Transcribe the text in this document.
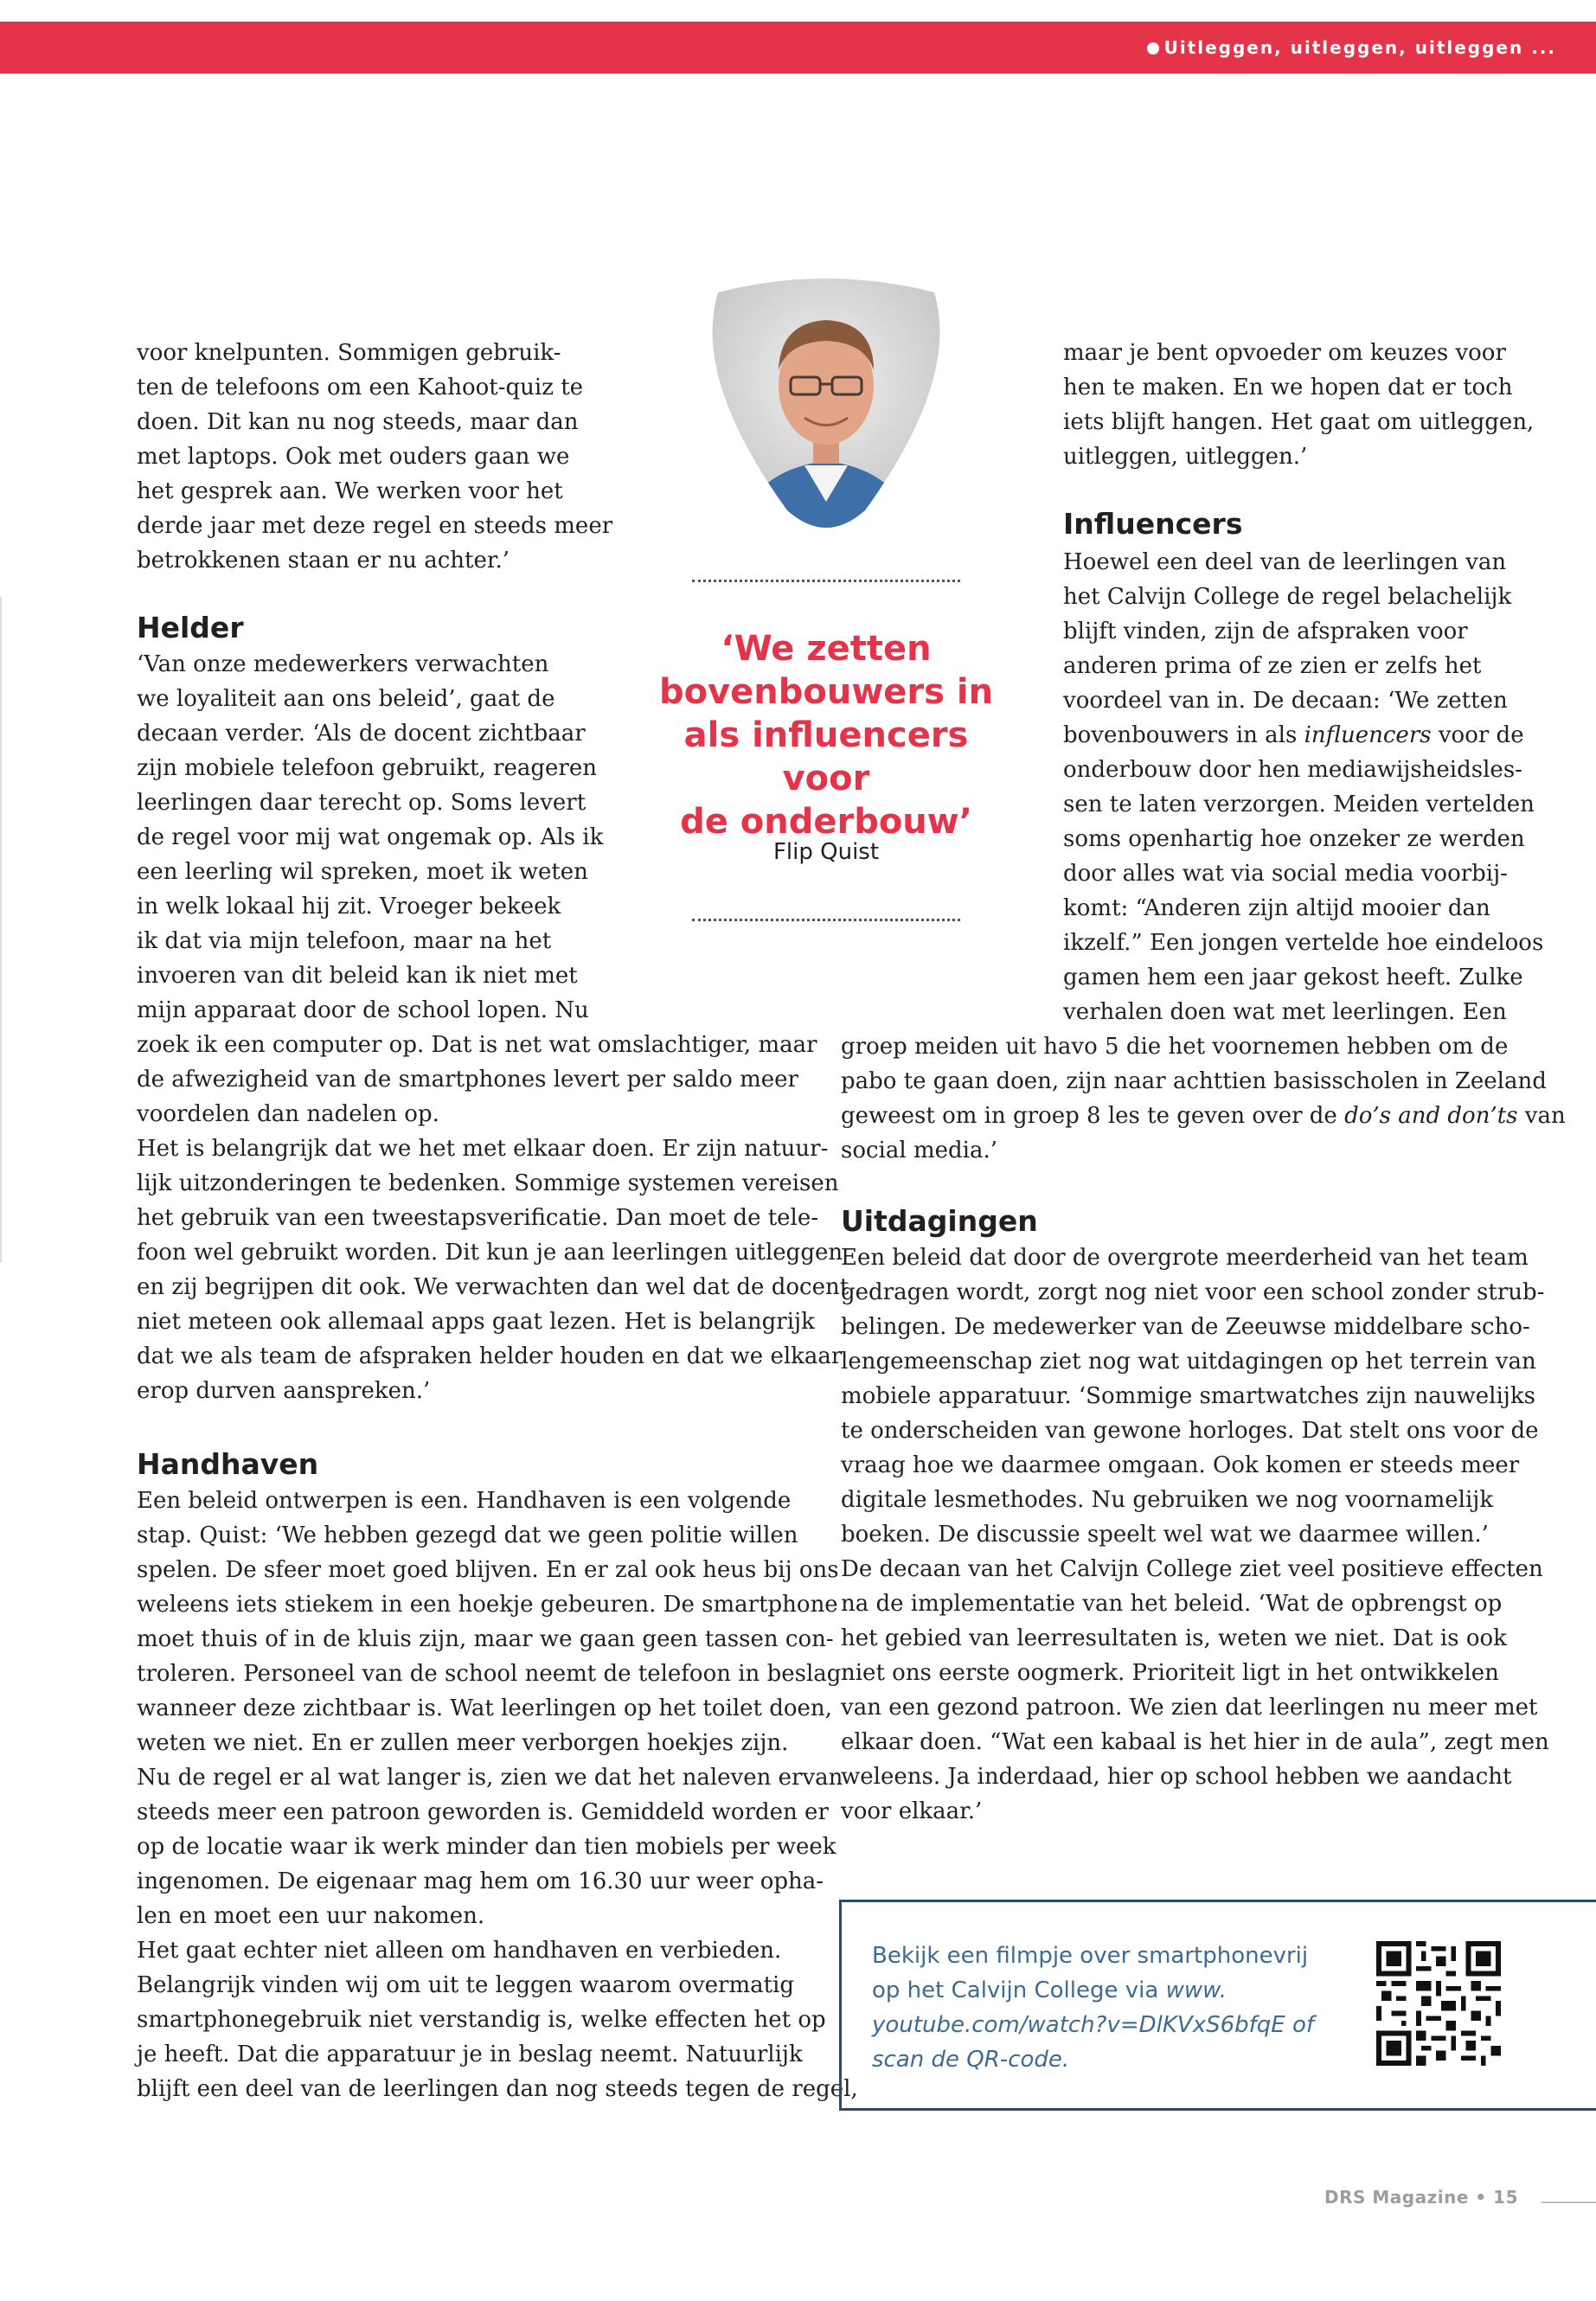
Uitleggen, uitleggen, uitleggen ...

voor knelpunten. Sommigen gebruik-
ten de telefoons om een Kahoot-quiz te
doen. Dit kan nu nog steeds, maar dan
met laptops. Ook met ouders gaan we
het gesprek aan. We werken voor het
derde jaar met deze regel en steeds meer
betrokkenen staan er nu achter.’

Helder

‘Van onze medewerkers verwachten
we loyaliteit aan ons beleid’, gaat de
decaan verder. ‘Als de docent zichtbaar
zijn mobiele telefoon gebruikt, reageren
leerlingen daar terecht op. Soms levert
de regel voor mij wat ongemak op. Als ik
een leerling wil spreken, moet ik weten
in welk lokaal hij zit. Vroeger bekeek
ik dat via mijn telefoon, maar na het
invoeren van dit beleid kan ik niet met
mijn apparaat door de school lopen. Nu
zoek ik een computer op. Dat is net wat omslachtiger, maar
de afwezigheid van de smartphones levert per saldo meer
voordelen dan nadelen op.
Het is belangrijk dat we het met elkaar doen. Er zijn natuur-
lijk uitzonderingen te bedenken. Sommige systemen vereisen
het gebruik van een tweestapsverificatie. Dan moet de tele-
foon wel gebruikt worden. Dit kun je aan leerlingen uitleggen
en zij begrijpen dit ook. We verwachten dan wel dat de docent
niet meteen ook allemaal apps gaat lezen. Het is belangrijk
dat we als team de afspraken helder houden en dat we elkaar
erop durven aanspreken.’

Handhaven

Een beleid ontwerpen is een. Handhaven is een volgende
stap. Quist: ‘We hebben gezegd dat we geen politie willen
spelen. De sfeer moet goed blijven. En er zal ook heus bij ons
weleens iets stiekem in een hoekje gebeuren. De smartphone
moet thuis of in de kluis zijn, maar we gaan geen tassen con-
troleren. Personeel van de school neemt de telefoon in beslag
wanneer deze zichtbaar is. Wat leerlingen op het toilet doen,
weten we niet. En er zullen meer verborgen hoekjes zijn.
Nu de regel er al wat langer is, zien we dat het naleven ervan
steeds meer een patroon geworden is. Gemiddeld worden er
op de locatie waar ik werk minder dan tien mobiels per week
ingenomen. De eigenaar mag hem om 16.30 uur weer opha-
len en moet een uur nakomen.
Het gaat echter niet alleen om handhaven en verbieden.
Belangrijk vinden wij om uit te leggen waarom overmatig
smartphonegebruik niet verstandig is, welke effecten het op
je heeft. Dat die apparatuur je in beslag neemt. Natuurlijk
blijft een deel van de leerlingen dan nog steeds tegen de regel,

‘We zetten
bovenbouwers in
als influencers voor
de onderbouw’
Flip Quist

maar je bent opvoeder om keuzes voor
hen te maken. En we hopen dat er toch
iets blijft hangen. Het gaat om uitleggen,
uitleggen, uitleggen.’

Influencers

Hoewel een deel van de leerlingen van
het Calvijn College de regel belachelijk
blijft vinden, zijn de afspraken voor
anderen prima of ze zien er zelfs het
voordeel van in. De decaan: ‘We zetten
bovenbouwers in als influencers voor de
onderbouw door hen mediawijsheidsles-
sen te laten verzorgen. Meiden vertelden
soms openhartig hoe onzeker ze werden
door alles wat via social media voorbij-
komt: “Anderen zijn altijd mooier dan
ikzelf.” Een jongen vertelde hoe eindeloos
gamen hem een jaar gekost heeft. Zulke
verhalen doen wat met leerlingen. Een

groep meiden uit havo 5 die het voornemen hebben om de
pabo te gaan doen, zijn naar achttien basisscholen in Zeeland
geweest om in groep 8 les te geven over de do’s and don’ts van
social media.’

Uitdagingen

Een beleid dat door de overgrote meerderheid van het team
gedragen wordt, zorgt nog niet voor een school zonder strub-
belingen. De medewerker van de Zeeuwse middelbare scho-
lengemeenschap ziet nog wat uitdagingen op het terrein van
mobiele apparatuur. ‘Sommige smartwatches zijn nauwelijks
te onderscheiden van gewone horloges. Dat stelt ons voor de
vraag hoe we daarmee omgaan. Ook komen er steeds meer
digitale lesmethodes. Nu gebruiken we nog voornamelijk
boeken. De discussie speelt wel wat we daarmee willen.’
De decaan van het Calvijn College ziet veel positieve effecten
na de implementatie van het beleid. ‘Wat de opbrengst op
het gebied van leerresultaten is, weten we niet. Dat is ook
niet ons eerste oogmerk. Prioriteit ligt in het ontwikkelen
van een gezond patroon. We zien dat leerlingen nu meer met
elkaar doen. “Wat een kabaal is het hier in de aula”, zegt men
weleens. Ja inderdaad, hier op school hebben we aandacht
voor elkaar.’

Bekijk een filmpje over smartphonevrij
op het Calvijn College via www.
youtube.com/watch?v=DlKVxS6bfqE of
scan de QR-code.
DRS Magazine • 15
